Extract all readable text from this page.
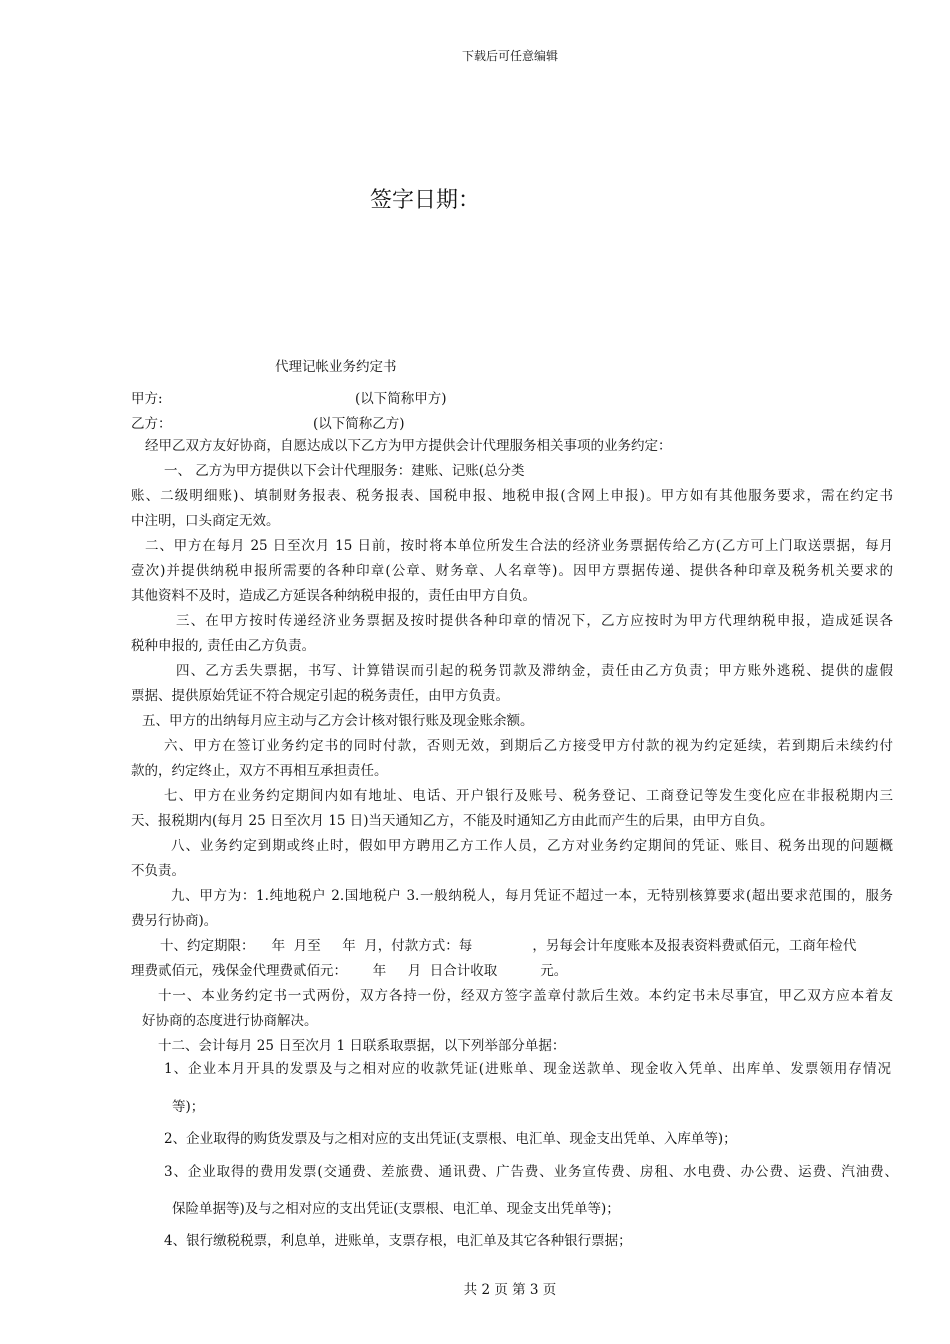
下载后可任意编辑
签字日期：
代理记帐业务约定书
甲方:	(以下简称甲方)
乙方：	(以下简称乙方)
经甲乙双方友好协商，自愿达成以下乙方为甲方提供会计代理服务相关事项的业务约定：
一、 乙方为甲方提供以下会计代理服务：建账、记账(总分类
账、二级明细账)、填制财务报表、税务报表、国税申报、地税申报(含网上申报)。甲方如有其他服务要求，需在约定书
中注明，口头商定无效。
二、甲方在每月 25 日至次月 15 日前，按时将本单位所发生合法的经济业务票据传给乙方(乙方可上门取送票据，每月
壹次)并提供纳税申报所需要的各种印章(公章、财务章、人名章等)。因甲方票据传递、提供各种印章及税务机关要求的
其他资料不及时，造成乙方延误各种纳税申报的，责任由甲方自负。
三、在甲方按时传递经济业务票据及按时提供各种印章的情况下，乙方应按时为甲方代理纳税申报，造成延误各
税种申报的, 责任由乙方负责。
四、乙方丢失票据，书写、计算错误而引起的税务罚款及滞纳金，责任由乙方负责；甲方账外逃税、提供的虚假
票据、提供原始凭证不符合规定引起的税务责任，由甲方负责。
五、甲方的出纳每月应主动与乙方会计核对银行账及现金账余额。
六、甲方在签订业务约定书的同时付款，否则无效，到期后乙方接受甲方付款的视为约定延续，若到期后未续约付
款的，约定终止，双方不再相互承担责任。
七、甲方在业务约定期间内如有地址、电话、开户银行及账号、税务登记、工商登记等发生变化应在非报税期内三
天、报税期内(每月 25 日至次月 15 日)当天通知乙方，不能及时通知乙方由此而产生的后果，由甲方自负。
八、业务约定到期或终止时，假如甲方聘用乙方工作人员，乙方对业务约定期间的凭证、账目、税务出现的问题概
不负责。
九、甲方为：1.纯地税户 2.国地税户 3.一般纳税人，每月凭证不超过一本，无特别核算要求(超出要求范围的，服务
费另行协商)。
十、约定期限：    年  月至     年  月，付款方式：每              ，另每会计年度账本及报表资料费贰佰元，工商年检代
理费贰佰元，残保金代理费贰佰元：      年     月  日合计收取          元。
十一、本业务约定书一式两份，双方各持一份，经双方签字盖章付款后生效。本约定书未尽事宜，甲乙双方应本着友
好协商的态度进行协商解决。
十二、会计每月 25 日至次月 1 日联系取票据，以下列举部分单据：
1、企业本月开具的发票及与之相对应的收款凭证(进账单、现金送款单、现金收入凭单、出库单、发票领用存情况
等)；
2、企业取得的购货发票及与之相对应的支出凭证(支票根、电汇单、现金支出凭单、入库单等)；
3、企业取得的费用发票(交通费、差旅费、通讯费、广告费、业务宣传费、房租、水电费、办公费、运费、汽油费、
保险单据等)及与之相对应的支出凭证(支票根、电汇单、现金支出凭单等)；
4、银行缴税税票，利息单，进账单，支票存根，电汇单及其它各种银行票据；
共 2 页 第 3 页
